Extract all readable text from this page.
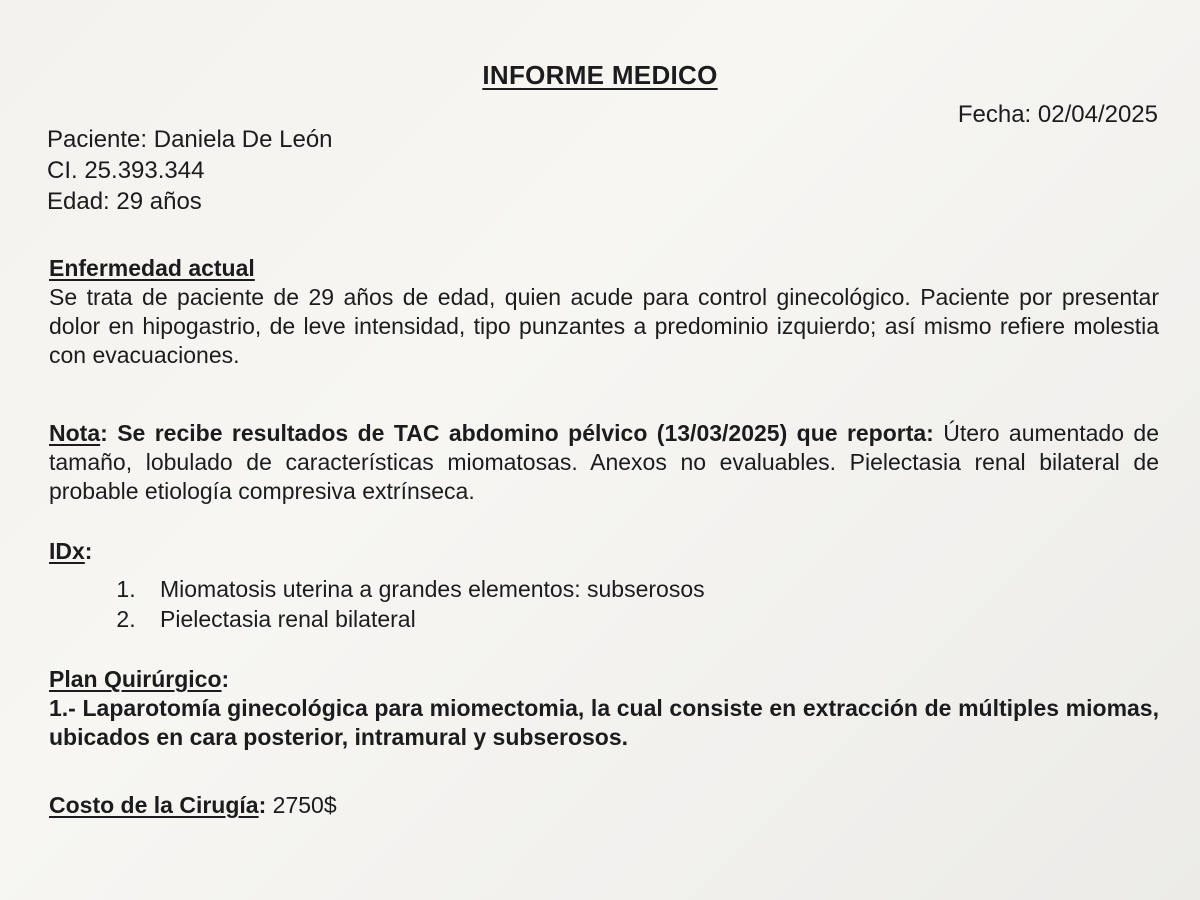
INFORME MEDICO
Fecha: 02/04/2025
Paciente: Daniela De León
CI. 25.393.344
Edad: 29 años
Enfermedad actual
Se trata de paciente de 29 años de edad, quien acude para control ginecológico. Paciente por presentar dolor en hipogastrio, de leve intensidad, tipo punzantes a predominio izquierdo; así mismo refiere molestia con evacuaciones.
Nota: Se recibe resultados de TAC abdomino pélvico (13/03/2025) que reporta: Útero aumentado de tamaño, lobulado de características miomatosas. Anexos no evaluables. Pielectasia renal bilateral de probable etiología compresiva extrínseca.
IDx:
1. Miomatosis uterina a grandes elementos: subserosos
2. Pielectasia renal bilateral
Plan Quirúrgico:
1.- Laparotomía ginecológica para miomectomia, la cual consiste en extracción de múltiples miomas, ubicados en cara posterior, intramural y subserosos.
Costo de la Cirugía: 2750$
